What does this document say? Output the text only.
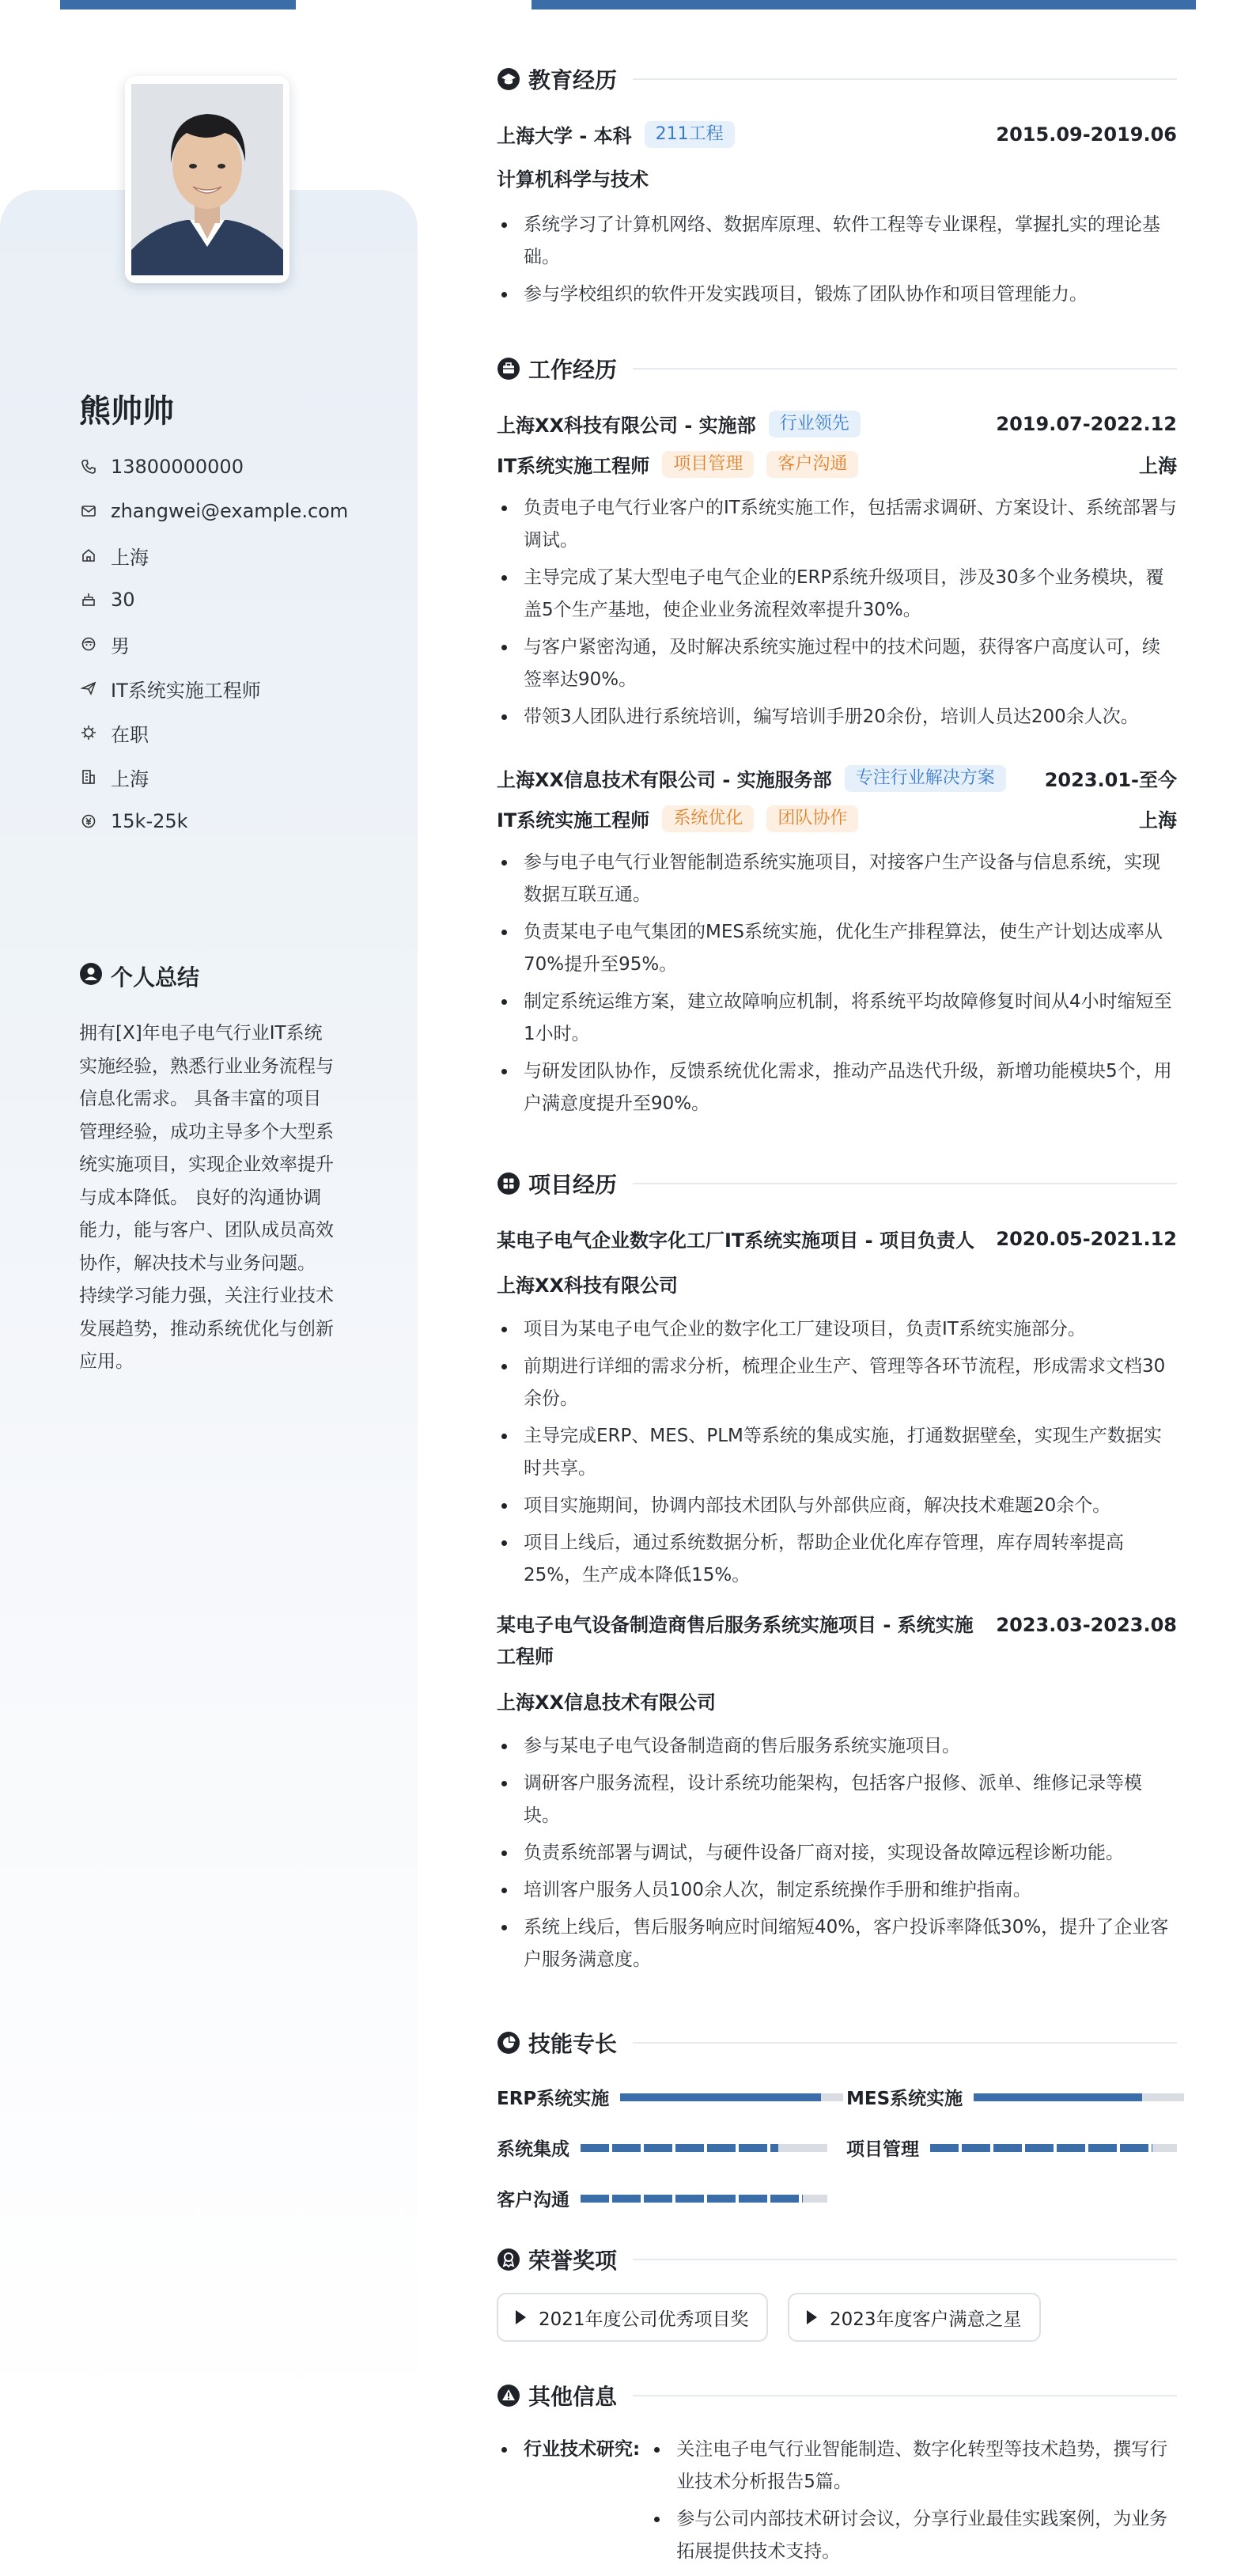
熊帅帅
13800000000
zhangwei@example.com
上海
30
男
IT系统实施工程师
在职
上海
15k-25k
个人总结
拥有[X]年电子电气行业IT系统实施经验，熟悉行业业务流程与信息化需求。 具备丰富的项目管理经验，成功主导多个大型系统实施项目，实现企业效率提升与成本降低。 良好的沟通协调能力，能与客户、团队成员高效协作，解决技术与业务问题。 持续学习能力强，关注行业技术发展趋势，推动系统优化与创新应用。
教育经历
上海大学 - 本科	211工程	2015.09-2019.06
计算机科学与技术
系统学习了计算机网络、数据库原理、软件工程等专业课程，掌握扎实的理论基础。
参与学校组织的软件开发实践项目，锻炼了团队协作和项目管理能力。
工作经历
上海XX科技有限公司 - 实施部	行业领先	2019.07-2022.12
IT系统实施工程师	项目管理	客户沟通	上海
负责电子电气行业客户的IT系统实施工作，包括需求调研、方案设计、系统部署与调试。
主导完成了某大型电子电气企业的ERP系统升级项目，涉及30多个业务模块，覆盖5个生产基地，使企业业务流程效率提升30%。
与客户紧密沟通，及时解决系统实施过程中的技术问题，获得客户高度认可，续签率达90%。
带领3人团队进行系统培训，编写培训手册20余份，培训人员达200余人次。
上海XX信息技术有限公司 - 实施服务部	专注行业解决方案	2023.01-至今
IT系统实施工程师	系统优化	团队协作	上海
参与电子电气行业智能制造系统实施项目，对接客户生产设备与信息系统，实现数据互联互通。
负责某电子电气集团的MES系统实施，优化生产排程算法，使生产计划达成率从70%提升至95%。
制定系统运维方案，建立故障响应机制，将系统平均故障修复时间从4小时缩短至1小时。
与研发团队协作，反馈系统优化需求，推动产品迭代升级，新增功能模块5个，用户满意度提升至90%。
项目经历
某电子电气企业数字化工厂IT系统实施项目 - 项目负责人 2020.05-2021.12
上海XX科技有限公司
项目为某电子电气企业的数字化工厂建设项目，负责IT系统实施部分。
前期进行详细的需求分析，梳理企业生产、管理等各环节流程，形成需求文档30余份。
主导完成ERP、MES、PLM等系统的集成实施，打通数据壁垒，实现生产数据实时共享。
项目实施期间，协调内部技术团队与外部供应商，解决技术难题20余个。
项目上线后，通过系统数据分析，帮助企业优化库存管理，库存周转率提高25%，生产成本降低15%。
某电子电气设备制造商售后服务系统实施项目 - 系统实施工程师
2023.03-2023.08
上海XX信息技术有限公司
参与某电子电气设备制造商的售后服务系统实施项目。
调研客户服务流程，设计系统功能架构，包括客户报修、派单、维修记录等模块。
负责系统部署与调试，与硬件设备厂商对接，实现设备故障远程诊断功能。
培训客户服务人员100余人次，制定系统操作手册和维护指南。
系统上线后，售后服务响应时间缩短40%，客户投诉率降低30%，提升了企业客户服务满意度。
技能专长
ERP系统实施	MES系统实施
系统集成	项目管理
客户沟通
荣誉奖项
2021年度公司优秀项目奖	2023年度客户满意之星
其他信息
行业技术研究:	关注电子电气行业智能制造、数字化转型等技术趋势，撰写行业技术分析报告5篇。
参与公司内部技术研讨会议，分享行业最佳实践案例，为业务拓展提供技术支持。
